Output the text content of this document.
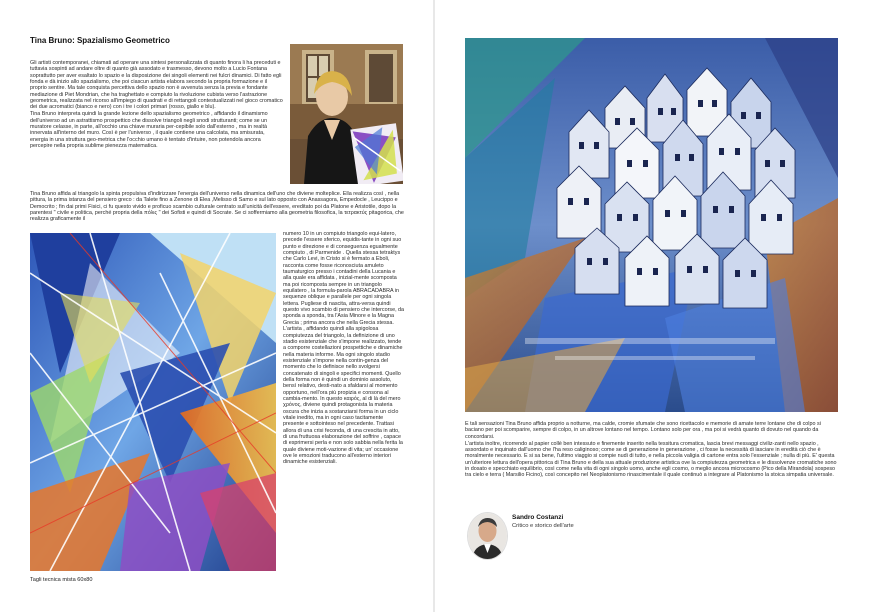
Tina Bruno: Spazialismo Geometrico

Gli artisti contemporanei, chiamati ad operare una sintesi personalizzata di quanto finora li ha preceduti e tuttavia sospinti ad andare oltre di quanto già assodato e trasmesso, devono molto a Lucio Fontana soprattutto per aver esaltato lo spazio e la disposizione dei singoli elementi nei fulcri dinamici. Di fatto egli fonda e dà inizio allo spazialismo, che poi ciascun artista elabora secondo la propria formazione e il proprio sentire. Ma tale conquista percettiva dello spazio non è avvenuta senza la previa e fondante mediazione di Piet Mondrian, che ha traghettato e compiuto la rivoluzione cubista verso l'astrazione geometrica, realizzata nel ricorso all'impiego di quadrati e di rettangoli contestualizzati nel gioco cromatico dei due acromatici (bianco e nero) con i tre i colori primari (rosso, giallo e blu).

Tina Bruno interpreta quindi la grande lezione dello spazialismo geometrico , affidando il dinamismo dell'universo ad un astrattismo prospettico che dissolve triangoli negli snodi strutturanti; come se un muratore celasse, in parte, all'occhio una chiave muraria per-cepibile solo dall'esterno , ma in realtà innervata all'interno del muro. Così è per l'universo , il quale contiene una calcolata, ma smisurata, energia in una struttura geo-metrica che l'occhio umano è tentato d'intuire, non potendola ancora percepire nella propria sublime pienezza matematica.

Tina Bruno affida al triangolo la spinta propulsiva d'indirizzare l'energia dell'universo nella dinamica dell'uno che diviene molteplice. Ella realizza così , nella pittura, la prima istanza del pensiero greco : da Talete fino a Zenone di Elea ,Melisso di Samo e sul lato opposto con Anassagora, Empedocle , Leucippo e Democrito ; fin dai primi Fisici, ci fu questo vivido e proficuo scambio culturale centrato sull'unicità dell'essere, ereditato poi da Platone e Aristotile, dopo la parentesi " civile e politica, perché propria della πόλις " dei Sofisti e quindi di Socrate. Se ci soffermiamo alla geometria filosofica, la τετρακτύς pitagorica, che realizza graficamente il

numero 10 in un compiuto triangolo equi-latero, precede l'essere sferico, equidis-tante in ogni suo punto e direzione e di conseguenza egualmente compiuto , di Parmenide . Quella stessa tetraktys che Carlo Levi, in Cristo si è fermato a Eboli, racconta come fosse riconosciuta amuleto taumaturgico presso i contadini della Lucania e alla quale era affidata , inizial-mente scomposta ma poi ricomposta sempre in un triangolo equilatero , la formula-parola ABRACADABRA in sequenze oblique e parallele per ogni singola lettera. Pugliese di nascita, attra-versa quindi questo vivo scambio di pensiero che intercorse, da sponda a sponda, tra l'Asia Minore e la Magna Grecia ; prima ancora che nella Grecia stessa. L'artista , affidando quindi alla spigolosa compiutezza del triangolo, la definizione di uno stadio esistenziale che s'impone realizzato, tende a comporre costellazioni prospettiche e dinamiche nella materia informe. Ma ogni singolo stadio esistenziale s'impone nella contin-genza del momento che lo definisce nello svolgersi concatenato di singoli e specifici momenti. Quello della forma non è quindi un dominio assoluto, bensì relativo, desti-nato a sfaldarsi al momento opportuno, nell'ora più propizia e consona al cambia-mento. In questo καιρός, al di là del mero χρόνος, diviene quindi protagonista la materia oscura che inizia a sostanziarsi forma in un ciclo vitale inedito, ma in ogni caso tacitamente presente e sottointeso nel precedente. Trattasi allora di una crisi feconda, di una crescita in atto, di una fruttuosa elaborazione del soffrire , capace di esprimersi perla e non solo sabbia nella ferita la quale diviene moti-vazione di vita; un' occasione ove le emozioni traducono all'esterno interiori dinamiche esistenziali.

Tagli tecnica mista 60x80

E tali sensazioni Tina Bruno affida proprio a notturne, ma calde, cromie sfumate che sono ricettacolo e memorie di amate terre lontane che di colpo si baciano per poi scomparire, sempre di colpo, in un altrove lontano nel tempo. Lontano solo per ora , ma poi si vedrà quanto di dovuto nel quando da concordarsi.

L'artista inoltre, ricorrendo al papier collè ben intessuto e finemente inserito nella tessitura cromatica, lascia brevi messaggi civiliz-zanti nello spazio , assordato e inquinato dall'uomo che l'ha reso caliginoso; come se di generazione in generazione , ci fosse la necessità di lasciare in eredità ciò che è moralmente necessario. E si sa bene, l'ultimo viaggio si compie nudi di tutto, e nella piccola valigia di cartone entra solo l'essenziale ; nulla di più. E' questa un'ulteriore lettura dell'opera pittorica di Tina Bruno e della sua attuale produzione artistica ove la compiutezza geometrica e le dissolvenze cromatiche sono in dosato e specchiato equilibrio, così come nella vita di ogni singolo uomo, anche egli cosmo, o meglio ancora microcosmo (Pico della Mirandola) sospeso tra cielo e terra ( Marsilio Ficino), così concepito nel Neoplatonismo rinascimentale il quale continuò a integrare al Platonismo la stoica simpatia universale.

Sandro Costanzi
Critico e storico dell'arte
